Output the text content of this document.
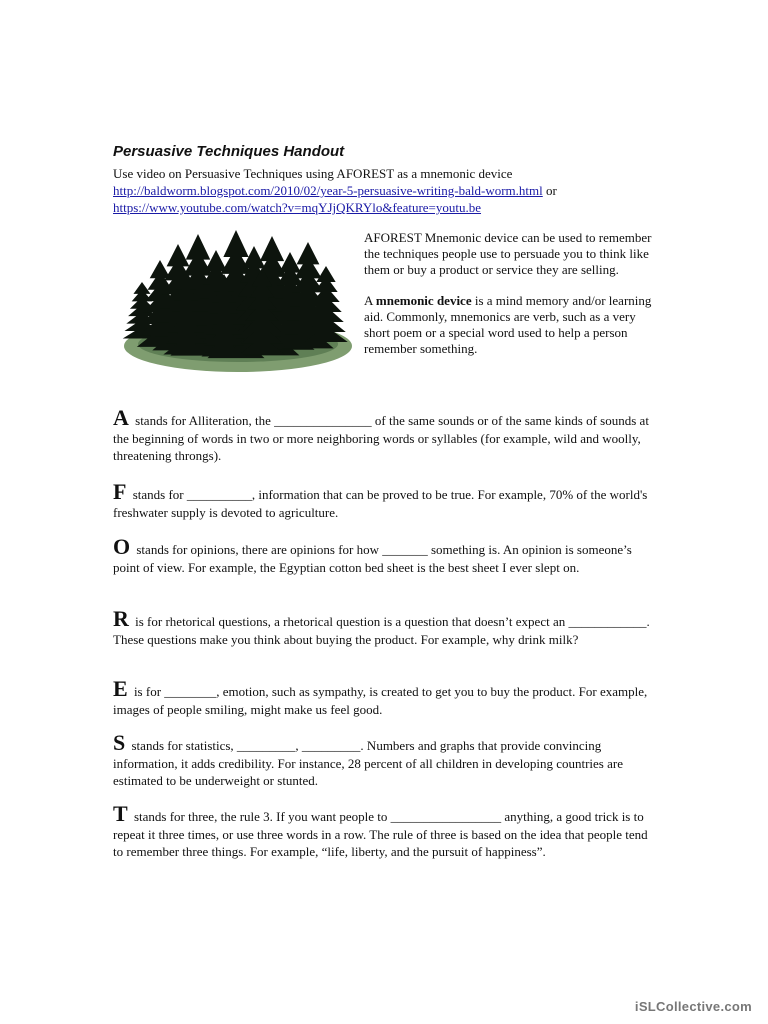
Persuasive Techniques Handout
Use video on Persuasive Techniques using AFOREST as a mnemonic device
http://baldworm.blogspot.com/2010/02/year-5-persuasive-writing-bald-worm.html or
https://www.youtube.com/watch?v=mqYJjQKRYlo&feature=youtu.be

AFOREST Mnemonic device can be used to remember the techniques people use to persuade you to think like them or buy a product or service they are selling.

A mnemonic device is a mind memory and/or learning aid. Commonly, mnemonics are verb, such as a very short poem or a special word used to help a person remember something.

A stands for Alliteration, the _______________ of the same sounds or of the same kinds of sounds at the beginning of words in two or more neighboring words or syllables (for example, wild and woolly, threatening throngs).
F stands for __________, information that can be proved to be true. For example, 70% of the world's freshwater supply is devoted to agriculture.
O stands for opinions, there are opinions for how _______ something is. An opinion is someone’s point of view. For example, the Egyptian cotton bed sheet is the best sheet I ever slept on.
R is for rhetorical questions, a rhetorical question is a question that doesn’t expect an ____________. These questions make you think about buying the product. For example, why drink milk?
E is for ________, emotion, such as sympathy, is created to get you to buy the product. For example, images of people smiling, might make us feel good.
S stands for statistics, _________, _________. Numbers and graphs that provide convincing information, it adds credibility. For instance, 28 percent of all children in developing countries are estimated to be underweight or stunted.
T stands for three, the rule 3. If you want people to _________________ anything, a good trick is to repeat it three times, or use three words in a row. The rule of three is based on the idea that people tend to remember three things. For example, “life, liberty, and the pursuit of happiness”.
iSLCollective.com
